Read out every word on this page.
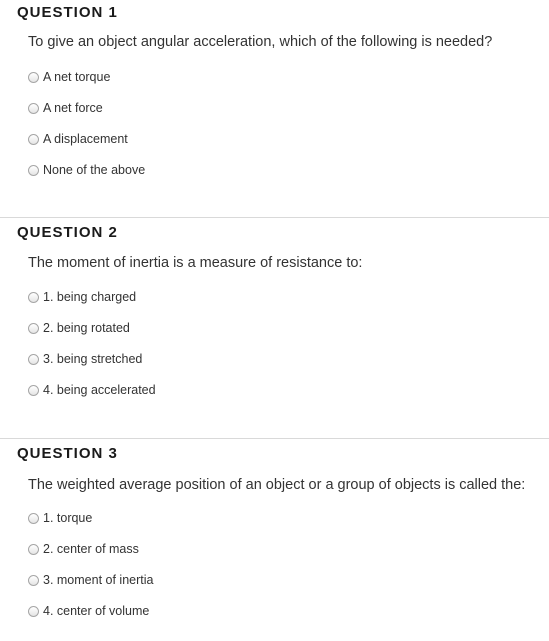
QUESTION 1
To give an object angular acceleration, which of the following is needed?
A net torque
A net force
A displacement
None of the above
QUESTION 2
The moment of inertia is a measure of resistance to:
1. being charged
2. being rotated
3. being stretched
4. being accelerated
QUESTION 3
The weighted average position of an object or a group of objects is called the:
1. torque
2. center of mass
3. moment of inertia
4. center of volume
